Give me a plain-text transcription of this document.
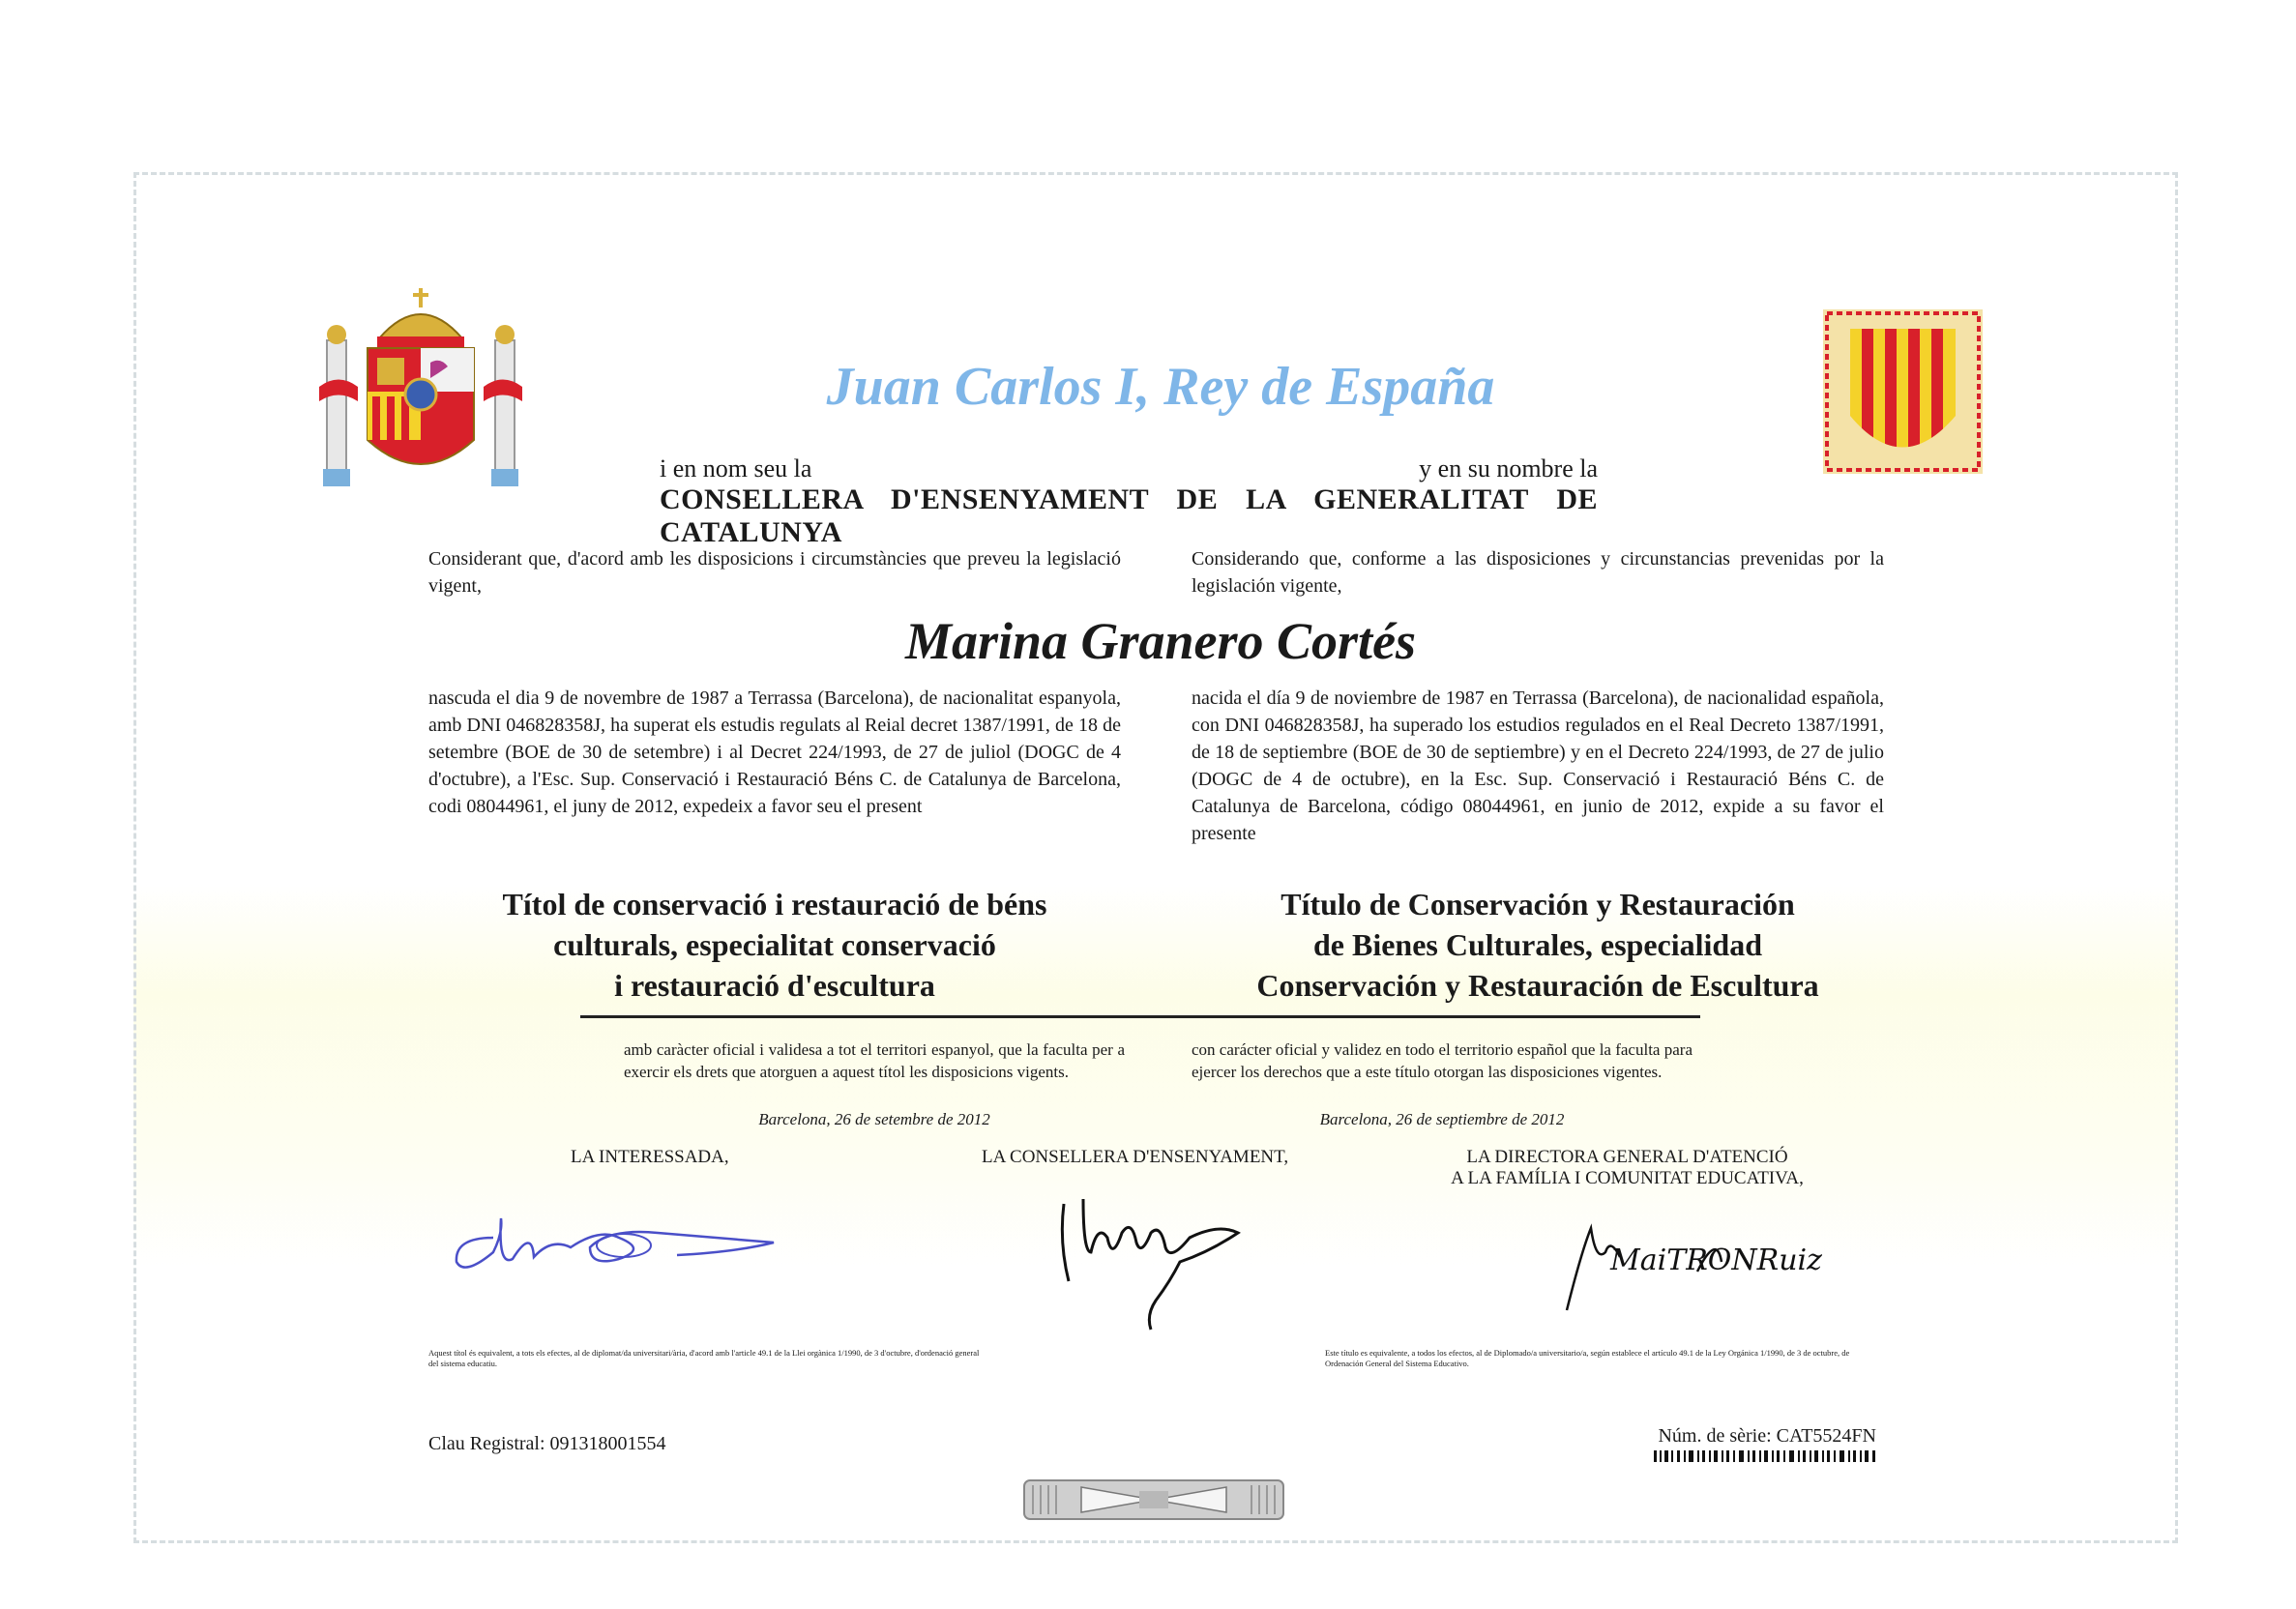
Juan Carlos I, Rey de España
i en nom seu la	y en su nombre la
CONSELLERA D'ENSENYAMENT DE LA GENERALITAT DE CATALUNYA
Considerant que, d'acord amb les disposicions i circumstàncies que preveu la legislació vigent,
Considerando que, conforme a las disposiciones y circunstancias prevenidas por la legislación vigente,
Marina Granero Cortés
nascuda el dia 9 de novembre de 1987 a Terrassa (Barcelona), de nacionalitat espanyola, amb DNI 046828358J, ha superat els estudis regulats al Reial decret 1387/1991, de 18 de setembre (BOE de 30 de setembre) i al Decret 224/1993, de 27 de juliol (DOGC de 4 d'octubre), a l'Esc. Sup. Conservació i Restauració Béns C. de Catalunya de Barcelona, codi 08044961, el juny de 2012, expedeix a favor seu el present
nacida el día 9 de noviembre de 1987 en Terrassa (Barcelona), de nacionalidad española, con DNI 046828358J, ha superado los estudios regulados en el Real Decreto 1387/1991, de 18 de septiembre (BOE de 30 de septiembre) y en el Decreto 224/1993, de 27 de julio (DOGC de 4 de octubre), en la Esc. Sup. Conservació i Restauració Béns C. de Catalunya de Barcelona, código 08044961, en junio de 2012, expide a su favor el presente
Títol de conservació i restauració de béns
culturals, especialitat conservació
i restauració d'escultura
Título de Conservación y Restauración
de Bienes Culturales, especialidad
Conservación y Restauración de Escultura
amb caràcter oficial i validesa a tot el territori espanyol, que la faculta per a exercir els drets que atorguen a aquest títol les disposicions vigents.
con carácter oficial y validez en todo el territorio español que la faculta para ejercer los derechos que a este título otorgan las disposiciones vigentes.
Barcelona, 26 de setembre de 2012	Barcelona, 26 de septiembre de 2012
LA INTERESSADA,	LA CONSELLERA D'ENSENYAMENT,	LA DIRECTORA GENERAL D'ATENCIÓ
A LA FAMÍLIA I COMUNITAT EDUCATIVA,
MaiTRONRuiz
Aquest títol és equivalent, a tots els efectes, al de diplomat/da universitari/ària, d'acord amb l'article 49.1 de la Llei orgànica 1/1990, de 3 d'octubre, d'ordenació general del sistema educatiu.
Este título es equivalente, a todos los efectos, al de Diplomado/a universitario/a, según establece el artículo 49.1 de la Ley Orgánica 1/1990, de 3 de octubre, de Ordenación General del Sistema Educativo.
Clau Registral: 091318001554	Núm. de sèrie: CAT5524FN
